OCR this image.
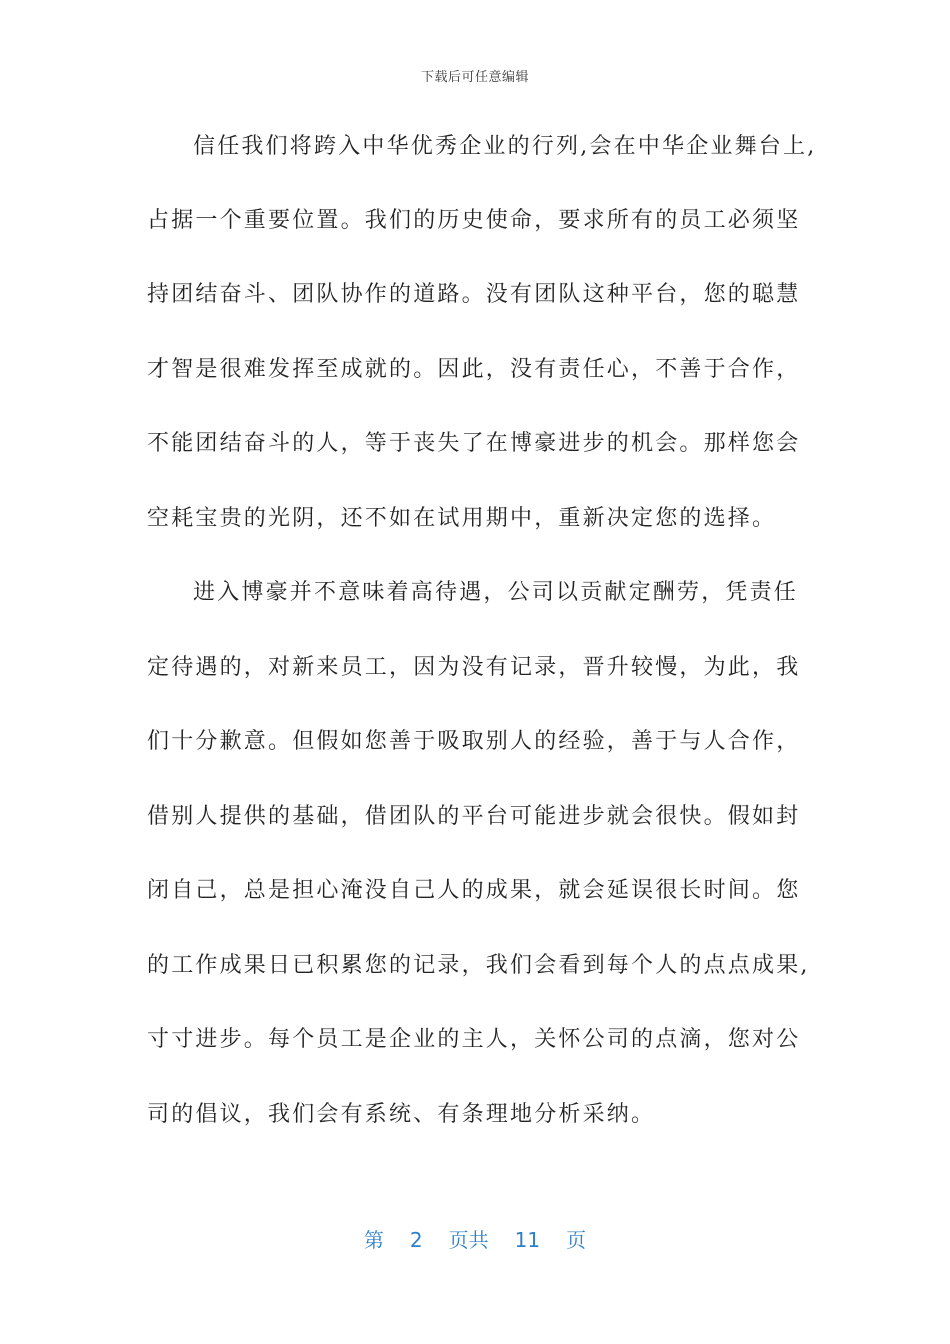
下载后可任意编辑
信任我们将跨入中华优秀企业的行列,会在中华企业舞台上,
占据一个重要位置。我们的历史使命，要求所有的员工必须坚
持团结奋斗、团队协作的道路。没有团队这种平台，您的聪慧
才智是很难发挥至成就的。因此，没有责任心，不善于合作，
不能团结奋斗的人，等于丧失了在博豪进步的机会。那样您会
空耗宝贵的光阴，还不如在试用期中，重新决定您的选择。
进入博豪并不意味着高待遇，公司以贡献定酬劳，凭责任
定待遇的，对新来员工，因为没有记录，晋升较慢，为此，我
们十分歉意。但假如您善于吸取别人的经验，善于与人合作，
借别人提供的基础，借团队的平台可能进步就会很快。假如封
闭自己，总是担心淹没自己人的成果，就会延误很长时间。您
的工作成果日已积累您的记录，我们会看到每个人的点点成果,
寸寸进步。每个员工是企业的主人，关怀公司的点滴，您对公
司的倡议，我们会有系统、有条理地分析采纳。
第 2 页共 11 页
